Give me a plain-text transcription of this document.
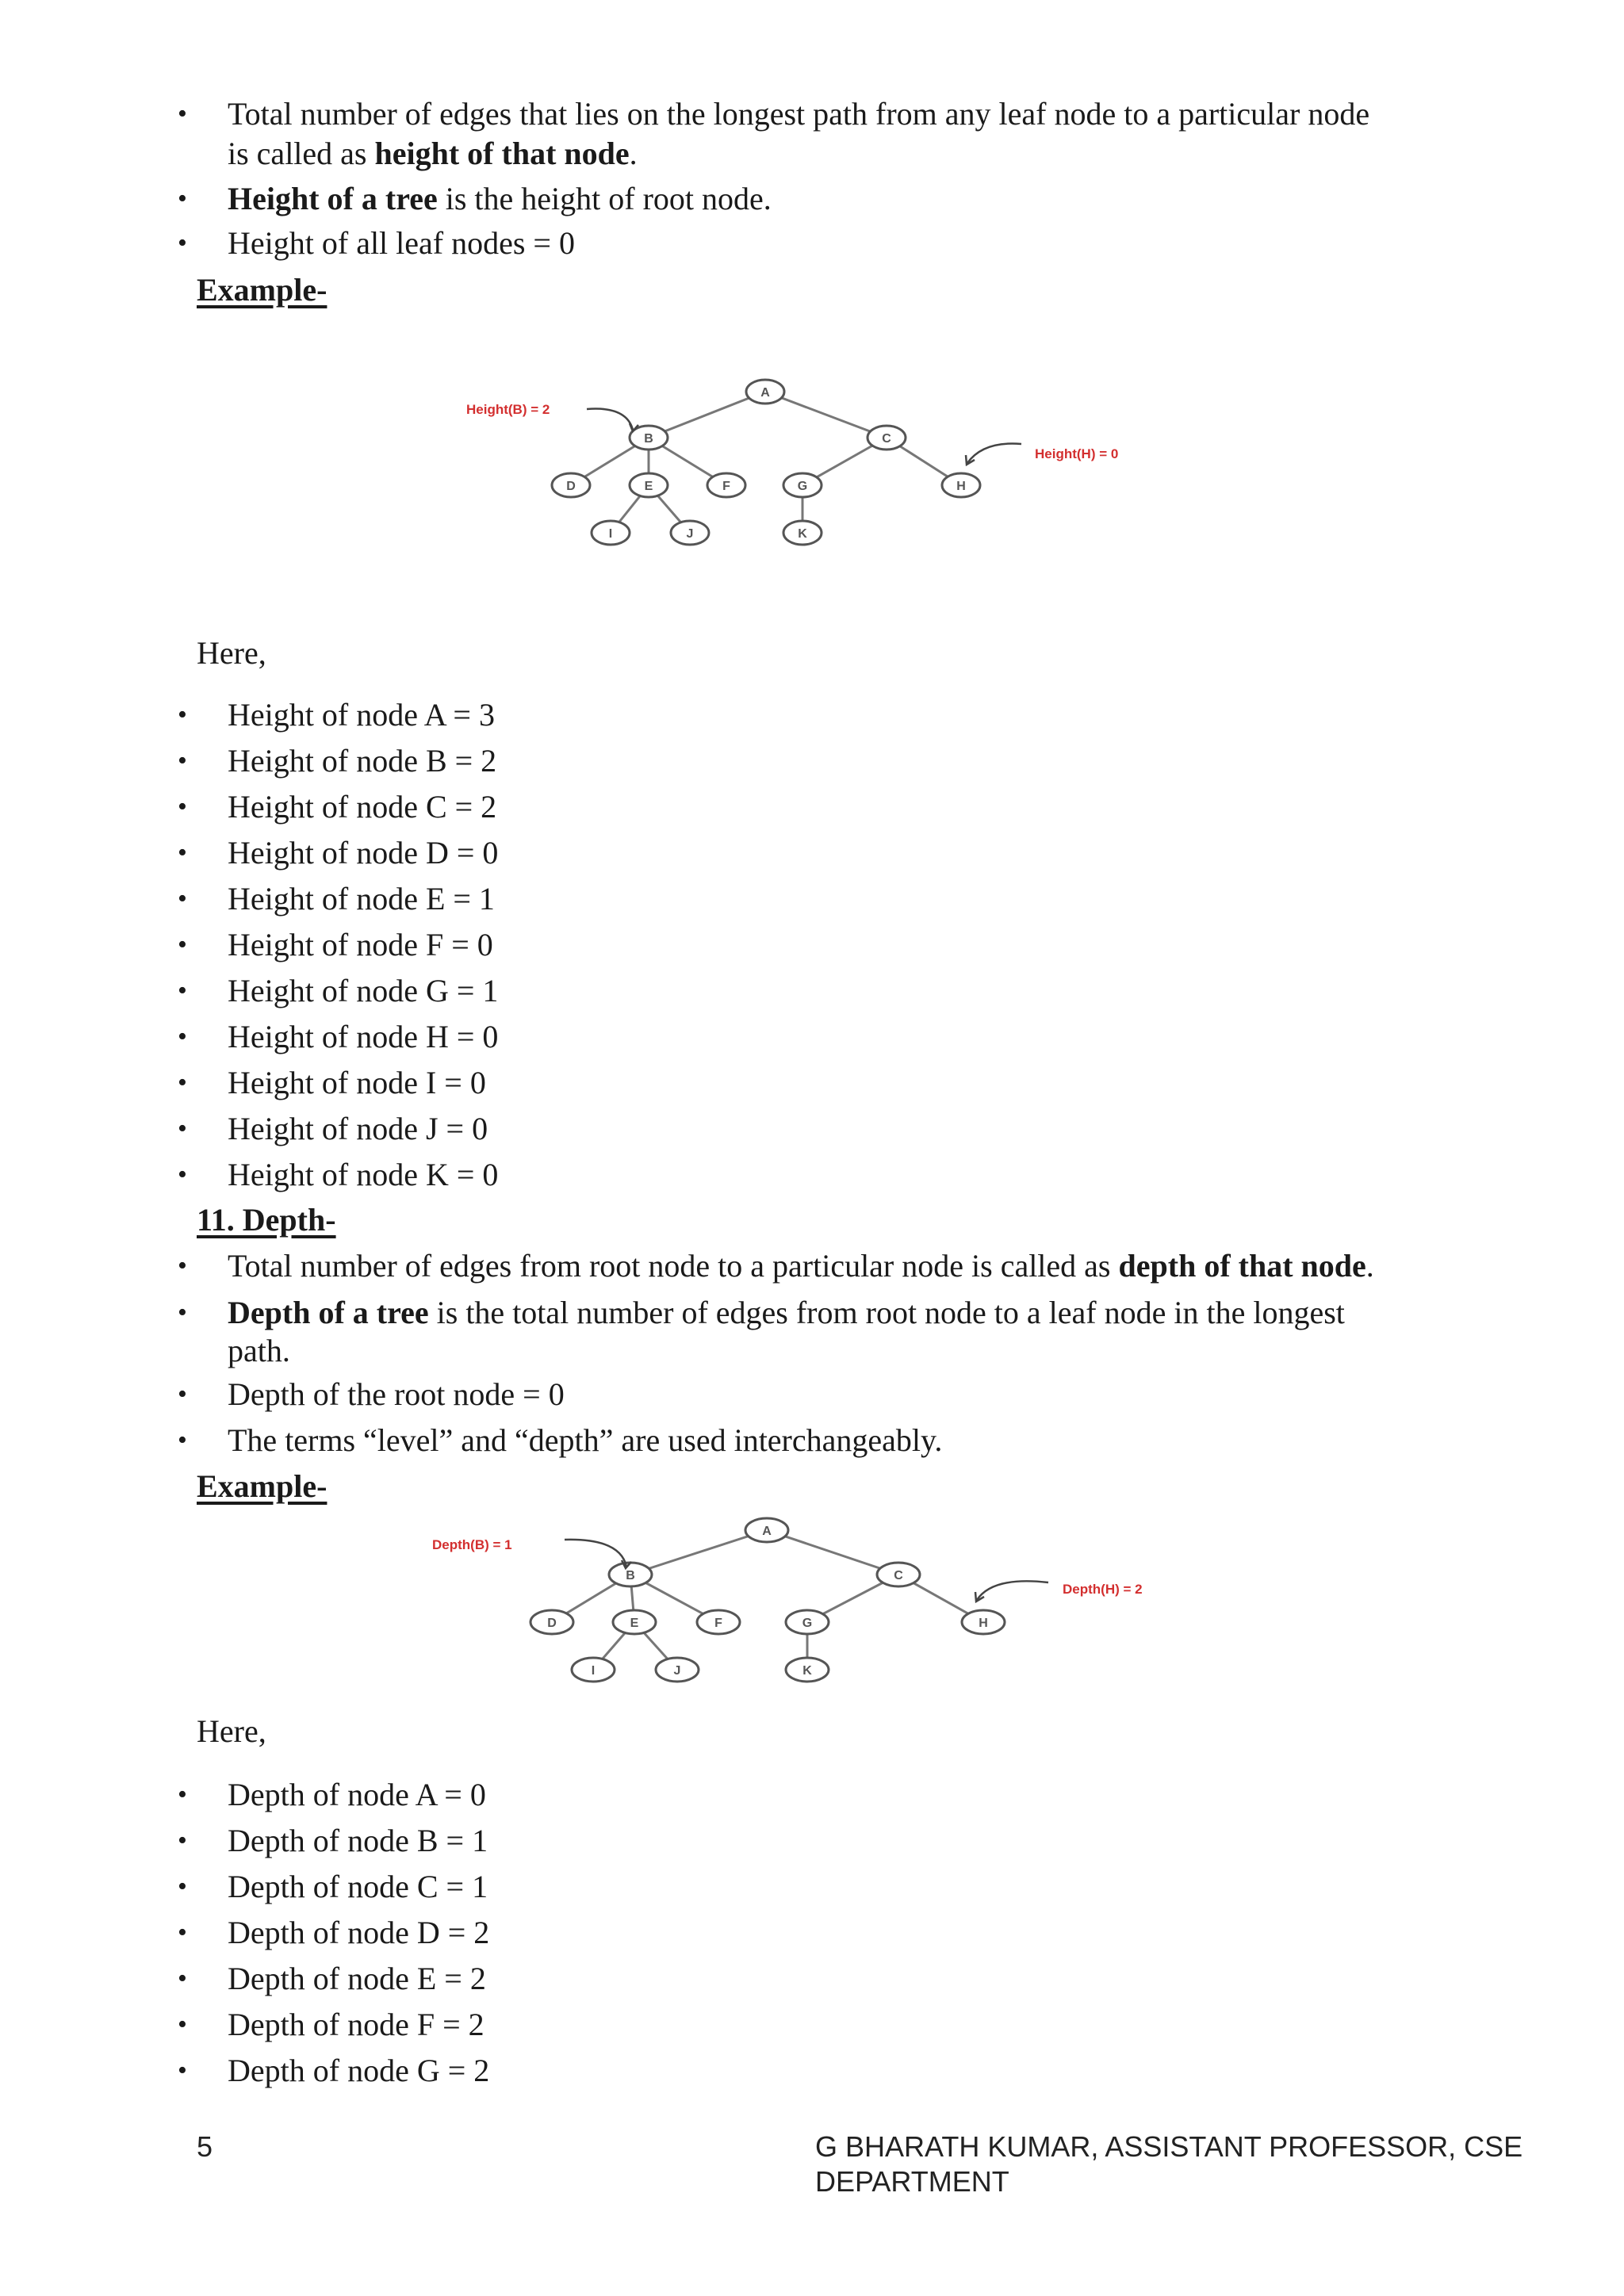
• Total number of edges that lies on the longest path from any leaf node to a particular node
is called as height of that node.
• Height of a tree is the height of root node.
• Height of all leaf nodes = 0
Example-
A
B	C
D	E	F	G	H
I	J	K
Height(B) = 2
Height(H) = 0
Here,
• Height of node A = 3
• Height of node B = 2
• Height of node C = 2
• Height of node D = 0
• Height of node E = 1
• Height of node F = 0
• Height of node G = 1
• Height of node H = 0
• Height of node I = 0
• Height of node J = 0
• Height of node K = 0
11. Depth-
• Total number of edges from root node to a particular node is called as depth of that node.
• Depth of a tree is the total number of edges from root node to a leaf node in the longest
path.
• Depth of the root node = 0
• The terms “level” and “depth” are used interchangeably.
Example-
A
B	C
D	E	F	G	H
I	J	K
Depth(B) = 1
Depth(H) = 2
Here,
• Depth of node A = 0
• Depth of node B = 1
• Depth of node C = 1
• Depth of node D = 2
• Depth of node E = 2
• Depth of node F = 2
• Depth of node G = 2
5	G BHARATH KUMAR, ASSISTANT PROFESSOR, CSE DEPARTMENT
